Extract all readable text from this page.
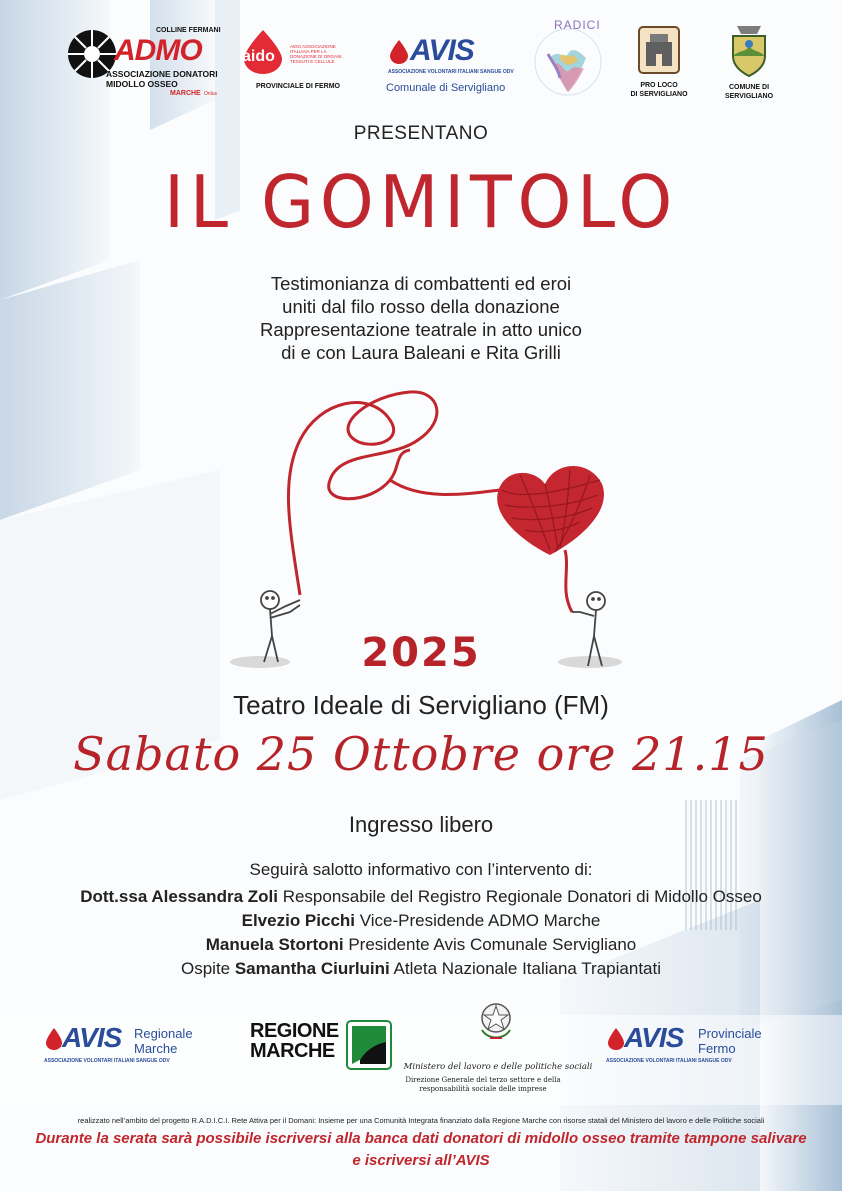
COLLINE FERMANI
ADMO
ASSOCIAZIONE DONATORI
MIDOLLO OSSEO
MARCHE Onlus
aido
AIDO ASSOCIAZIONE ITALIANA PER LA DONAZIONE DI ORGANI, TESSUTI E CELLULE
PROVINCIALE DI FERMO
AVIS
ASSOCIAZIONE VOLONTARI ITALIANI SANGUE ODV
Comunale di Servigliano
RADICI
PRO LOCO
DI SERVIGLIANO
COMUNE DI
SERVIGLIANO
PRESENTANO
IL GOMITOLO
Testimonianza di combattenti ed eroi
uniti dal filo rosso della donazione
Rappresentazione teatrale in atto unico
di e con Laura Baleani e Rita Grilli
2025
Teatro Ideale di Servigliano (FM)
Sabato 25 Ottobre ore 21.15
Ingresso libero
Seguirà salotto informativo con l’intervento di:
Dott.ssa Alessandra Zoli Responsabile del Registro Regionale Donatori di Midollo Osseo
Elvezio Picchi Vice-Presidende ADMO Marche
Manuela Stortoni Presidente Avis Comunale Servigliano
Ospite Samantha Ciurluini Atleta Nazionale Italiana Trapiantati
AVIS Regionale
Marche
ASSOCIAZIONE VOLONTARI ITALIANI SANGUE ODV
REGIONE
MARCHE
Ministero del lavoro e delle politiche sociali
Direzione Generale del terzo settore e della
responsabilità sociale delle imprese
AVIS Provinciale
Fermo
ASSOCIAZIONE VOLONTARI ITALIANI SANGUE ODV
realizzato nell’ambito del progetto R.A.D.I.C.I. Rete Attiva per il Domani: Insieme per una Comunità Integrata finanziato dalla Regione Marche con risorse statali del Ministero del lavoro e delle Politiche sociali
Durante la serata sarà possibile iscriversi alla banca dati donatori di midollo osseo tramite tampone salivare
e iscriversi all’AVIS
